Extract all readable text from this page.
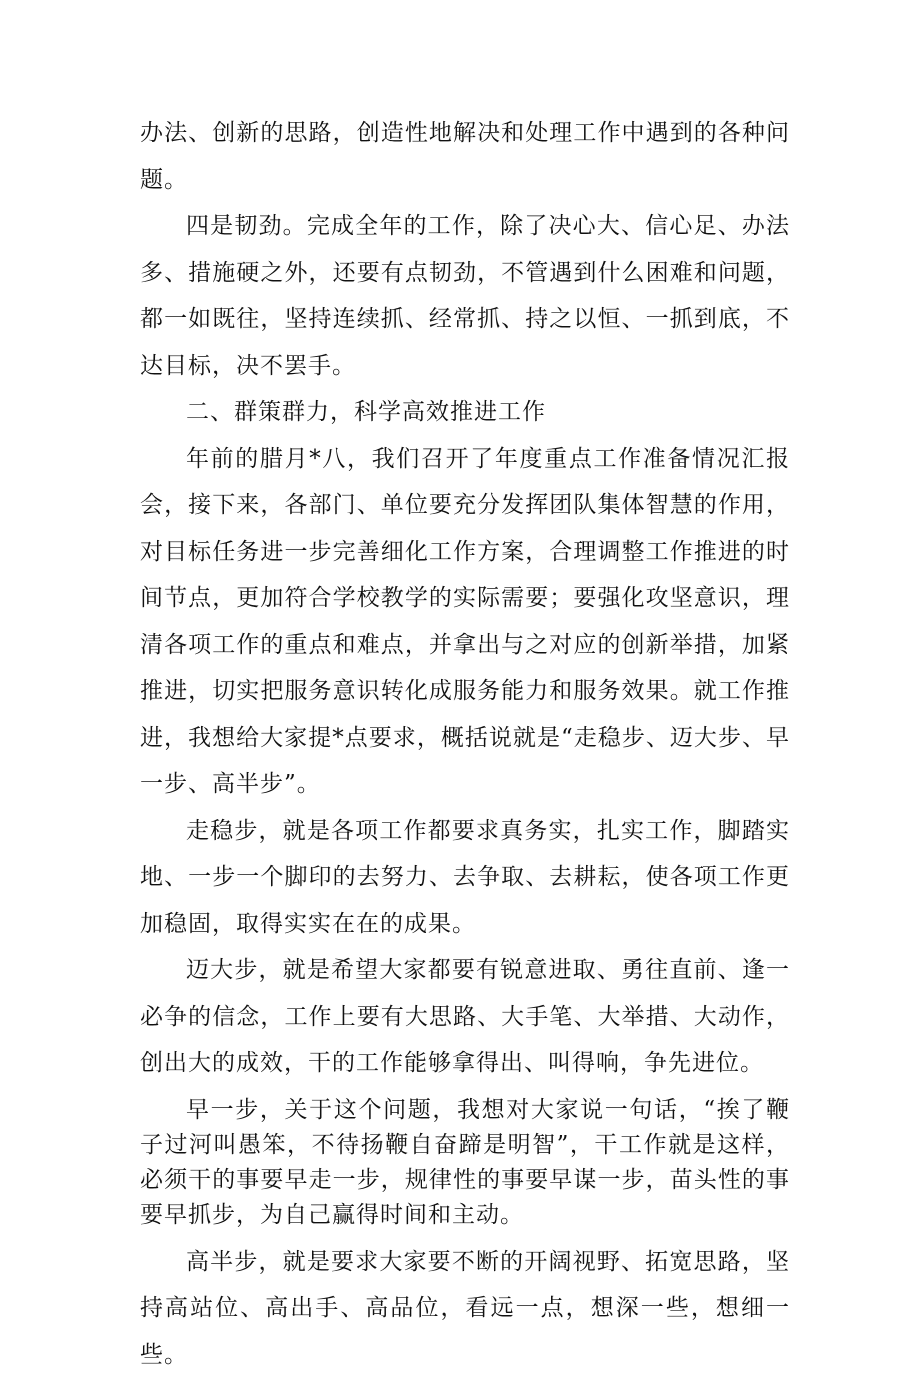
办法、创新的思路，创造性地解决和处理工作中遇到的各种问题。

四是韧劲。完成全年的工作，除了决心大、信心足、办法多、措施硬之外，还要有点韧劲，不管遇到什么困难和问题，都一如既往，坚持连续抓、经常抓、持之以恒、一抓到底，不达目标，决不罢手。

二、群策群力，科学高效推进工作

年前的腊月*八，我们召开了年度重点工作准备情况汇报会，接下来，各部门、单位要充分发挥团队集体智慧的作用，对目标任务进一步完善细化工作方案，合理调整工作推进的时间节点，更加符合学校教学的实际需要；要强化攻坚意识，理清各项工作的重点和难点，并拿出与之对应的创新举措，加紧推进，切实把服务意识转化成服务能力和服务效果。就工作推进，我想给大家提*点要求，概括说就是“走稳步、迈大步、早一步、高半步”。

走稳步，就是各项工作都要求真务实，扎实工作，脚踏实地、一步一个脚印的去努力、去争取、去耕耘，使各项工作更加稳固，取得实实在在的成果。

迈大步，就是希望大家都要有锐意进取、勇往直前、逢一必争的信念，工作上要有大思路、大手笔、大举措、大动作，创出大的成效，干的工作能够拿得出、叫得响，争先进位。

早一步，关于这个问题，我想对大家说一句话，“挨了鞭子过河叫愚笨，不待扬鞭自奋蹄是明智”，干工作就是这样，必须干的事要早走一步，规律性的事要早谋一步，苗头性的事要早抓步，为自己赢得时间和主动。

高半步，就是要求大家要不断的开阔视野、拓宽思路，坚持高站位、高出手、高品位，看远一点，想深一些，想细一些。
